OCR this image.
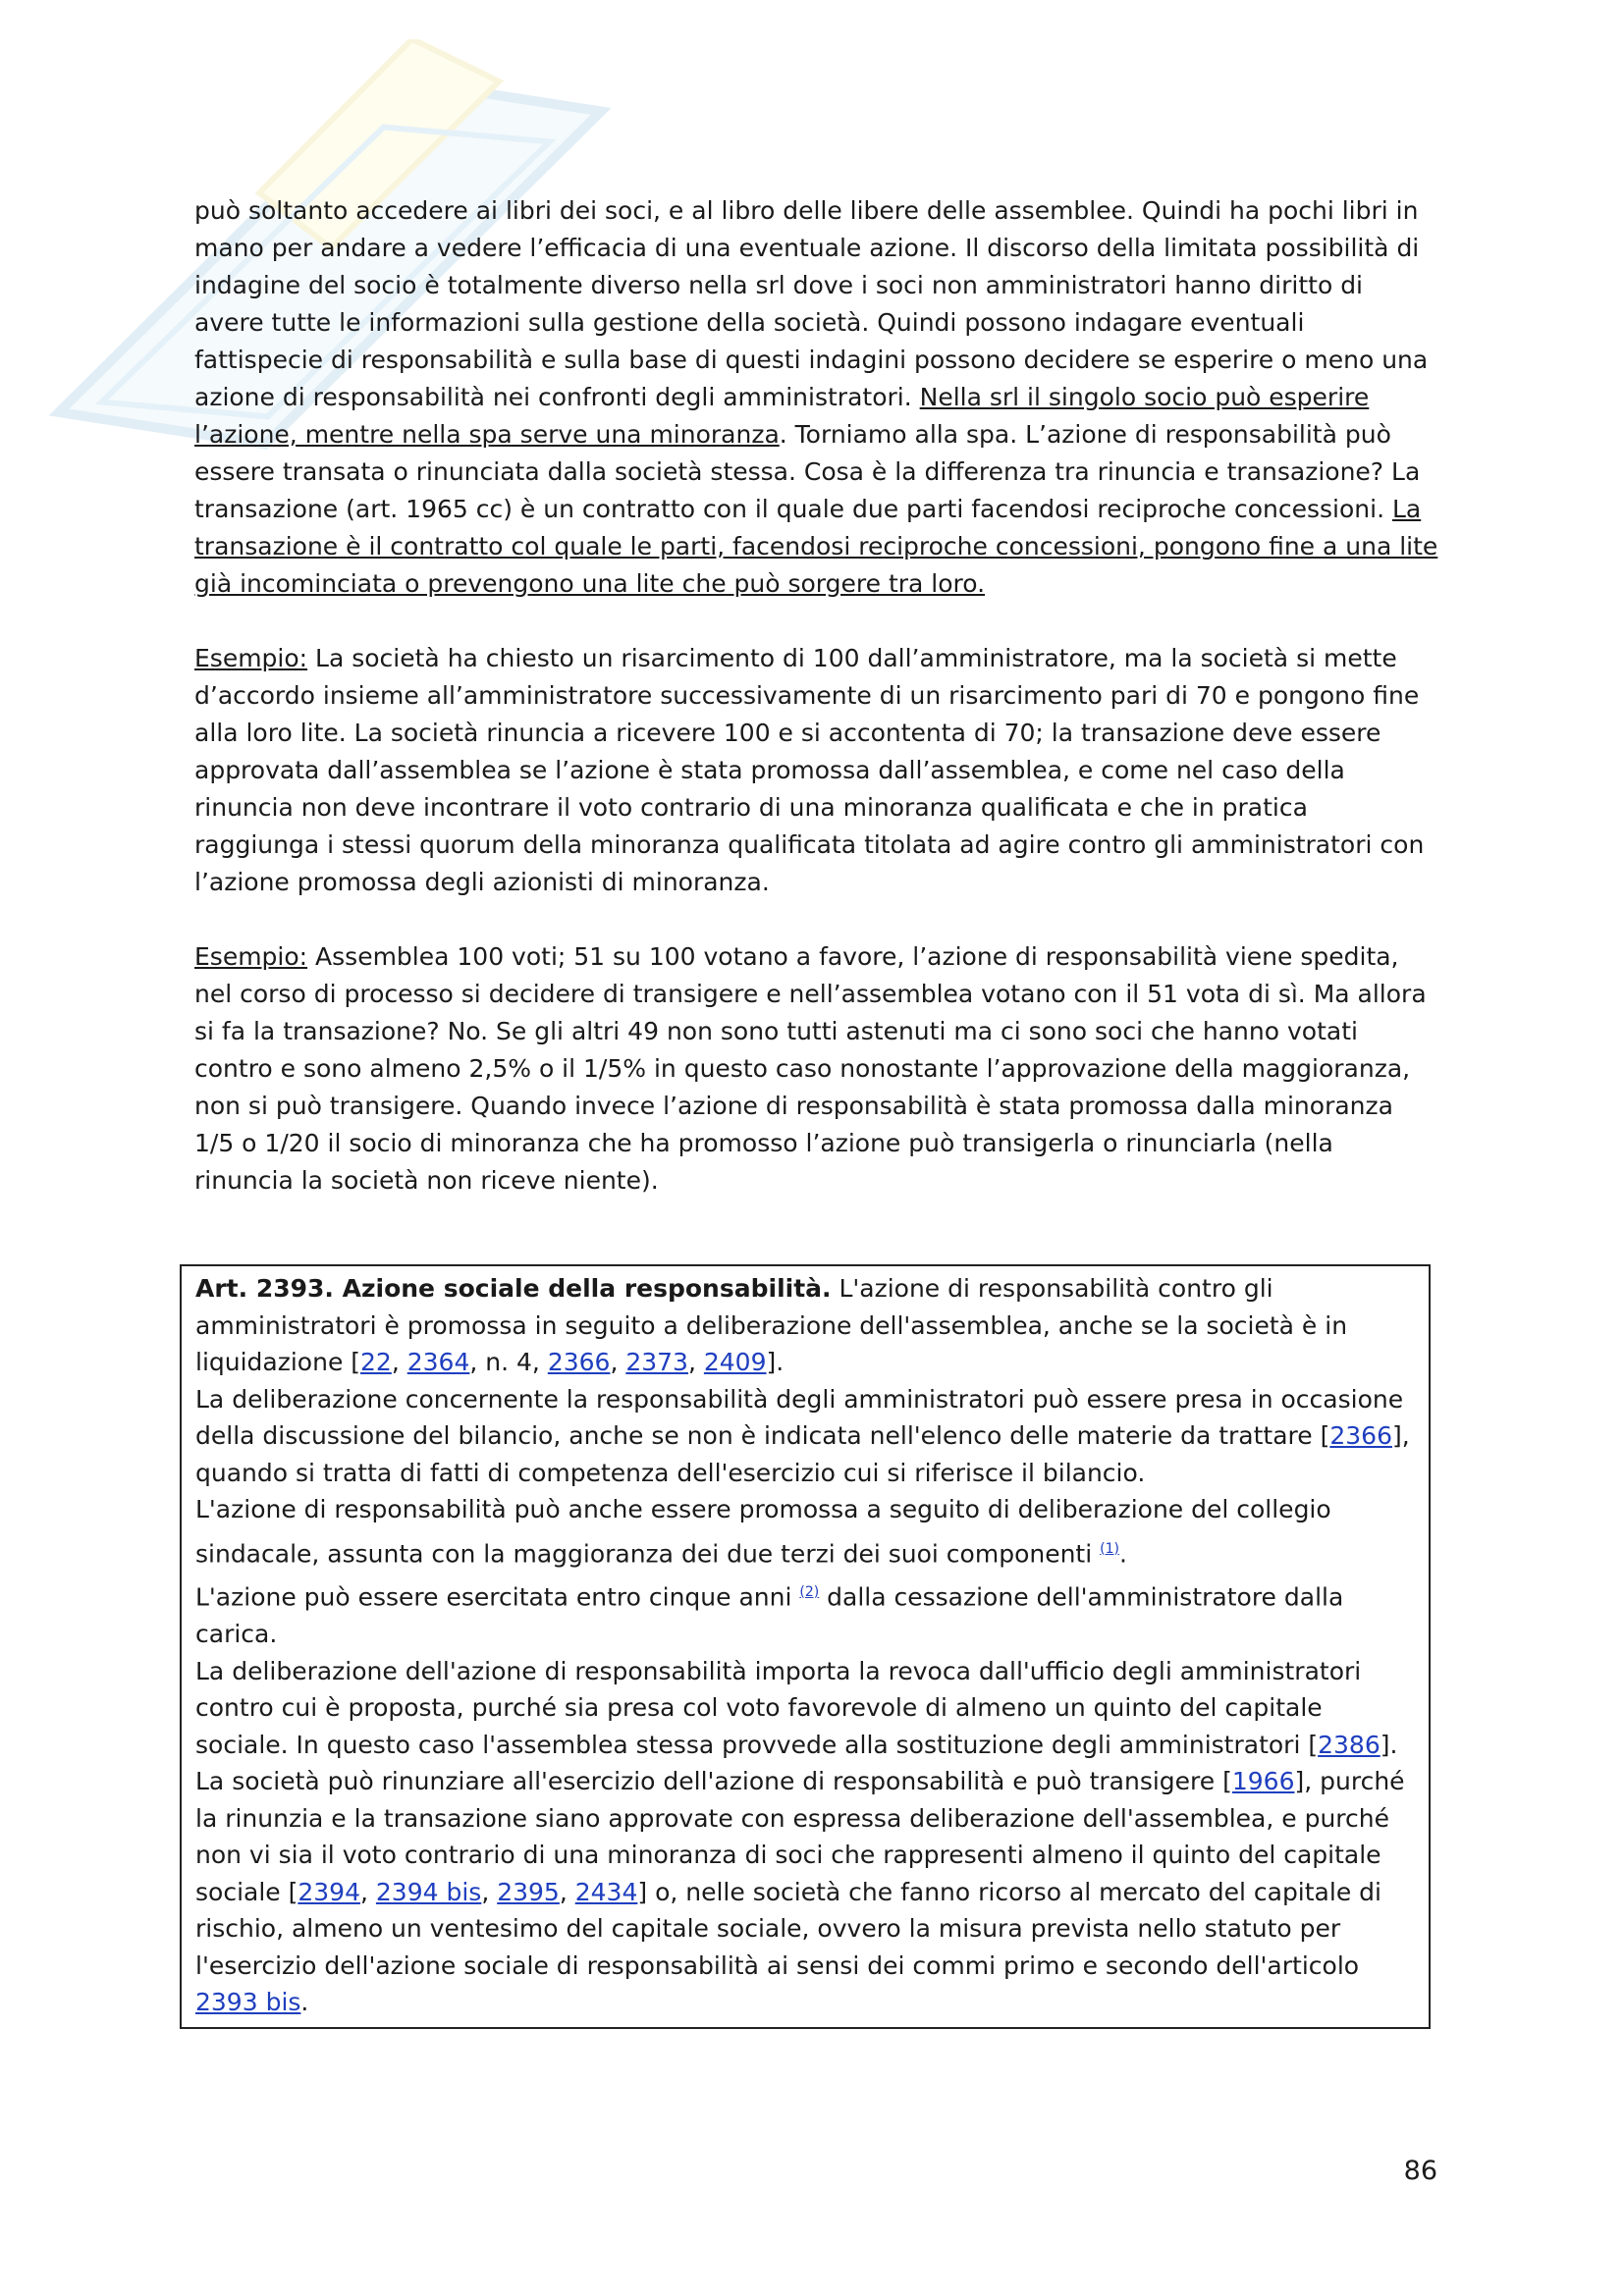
può soltanto accedere ai libri dei soci, e al libro delle libere delle assemblee. Quindi ha pochi libri in mano per andare a vedere l’efficacia di una eventuale azione. Il discorso della limitata possibilità di indagine del socio è totalmente diverso nella srl dove i soci non amministratori hanno diritto di avere tutte le informazioni sulla gestione della società. Quindi possono indagare eventuali fattispecie di responsabilità e sulla base di questi indagini possono decidere se esperire o meno una azione di responsabilità nei confronti degli amministratori. Nella srl il singolo socio può esperire l’azione, mentre nella spa serve una minoranza. Torniamo alla spa. L’azione di responsabilità può essere transata o rinunciata dalla società stessa. Cosa è la differenza tra rinuncia e transazione? La transazione (art. 1965 cc) è un contratto con il quale due parti facendosi reciproche concessioni. La transazione è il contratto col quale le parti, facendosi reciproche concessioni, pongono fine a una lite già incominciata o prevengono una lite che può sorgere tra loro.

Esempio: La società ha chiesto un risarcimento di 100 dall’amministratore, ma la società si mette d’accordo insieme all’amministratore successivamente di un risarcimento pari di 70 e pongono fine alla loro lite. La società rinuncia a ricevere 100 e si accontenta di 70; la transazione deve essere approvata dall’assemblea se l’azione è stata promossa dall’assemblea, e come nel caso della rinuncia non deve incontrare il voto contrario di una minoranza qualificata e che in pratica raggiunga i stessi quorum della minoranza qualificata titolata ad agire contro gli amministratori con l’azione promossa degli azionisti di minoranza.

Esempio: Assemblea 100 voti; 51 su 100 votano a favore, l’azione di responsabilità viene spedita, nel corso di processo si decidere di transigere e nell’assemblea votano con il 51 vota di sì. Ma allora si fa la transazione? No. Se gli altri 49 non sono tutti astenuti ma ci sono soci che hanno votati contro e sono almeno 2,5% o il 1/5% in questo caso nonostante l’approvazione della maggioranza, non si può transigere. Quando invece l’azione di responsabilità è stata promossa dalla minoranza 1/5 o 1/20 il socio di minoranza che ha promosso l’azione può transigerla o rinunciarla (nella rinuncia la società non riceve niente).

Art. 2393. Azione sociale della responsabilità. L'azione di responsabilità contro gli amministratori è promossa in seguito a deliberazione dell'assemblea, anche se la società è in liquidazione [22, 2364, n. 4, 2366, 2373, 2409].

La deliberazione concernente la responsabilità degli amministratori può essere presa in occasione della discussione del bilancio, anche se non è indicata nell'elenco delle materie da trattare [2366], quando si tratta di fatti di competenza dell'esercizio cui si riferisce il bilancio.

L'azione di responsabilità può anche essere promossa a seguito di deliberazione del collegio sindacale, assunta con la maggioranza dei due terzi dei suoi componenti $^{(1)}$.

L'azione può essere esercitata entro cinque anni $^{(2)}$ dalla cessazione dell'amministratore dalla carica.

La deliberazione dell'azione di responsabilità importa la revoca dall'ufficio degli amministratori contro cui è proposta, purché sia presa col voto favorevole di almeno un quinto del capitale sociale. In questo caso l'assemblea stessa provvede alla sostituzione degli amministratori [2386].

La società può rinunziare all'esercizio dell'azione di responsabilità e può transigere [1966], purché la rinunzia e la transazione siano approvate con espressa deliberazione dell'assemblea, e purché non vi sia il voto contrario di una minoranza di soci che rappresenti almeno il quinto del capitale sociale [2394, 2394 bis, 2395, 2434] o, nelle società che fanno ricorso al mercato del capitale di rischio, almeno un ventesimo del capitale sociale, ovvero la misura prevista nello statuto per l'esercizio dell'azione sociale di responsabilità ai sensi dei commi primo e secondo dell'articolo 2393 bis.

86
